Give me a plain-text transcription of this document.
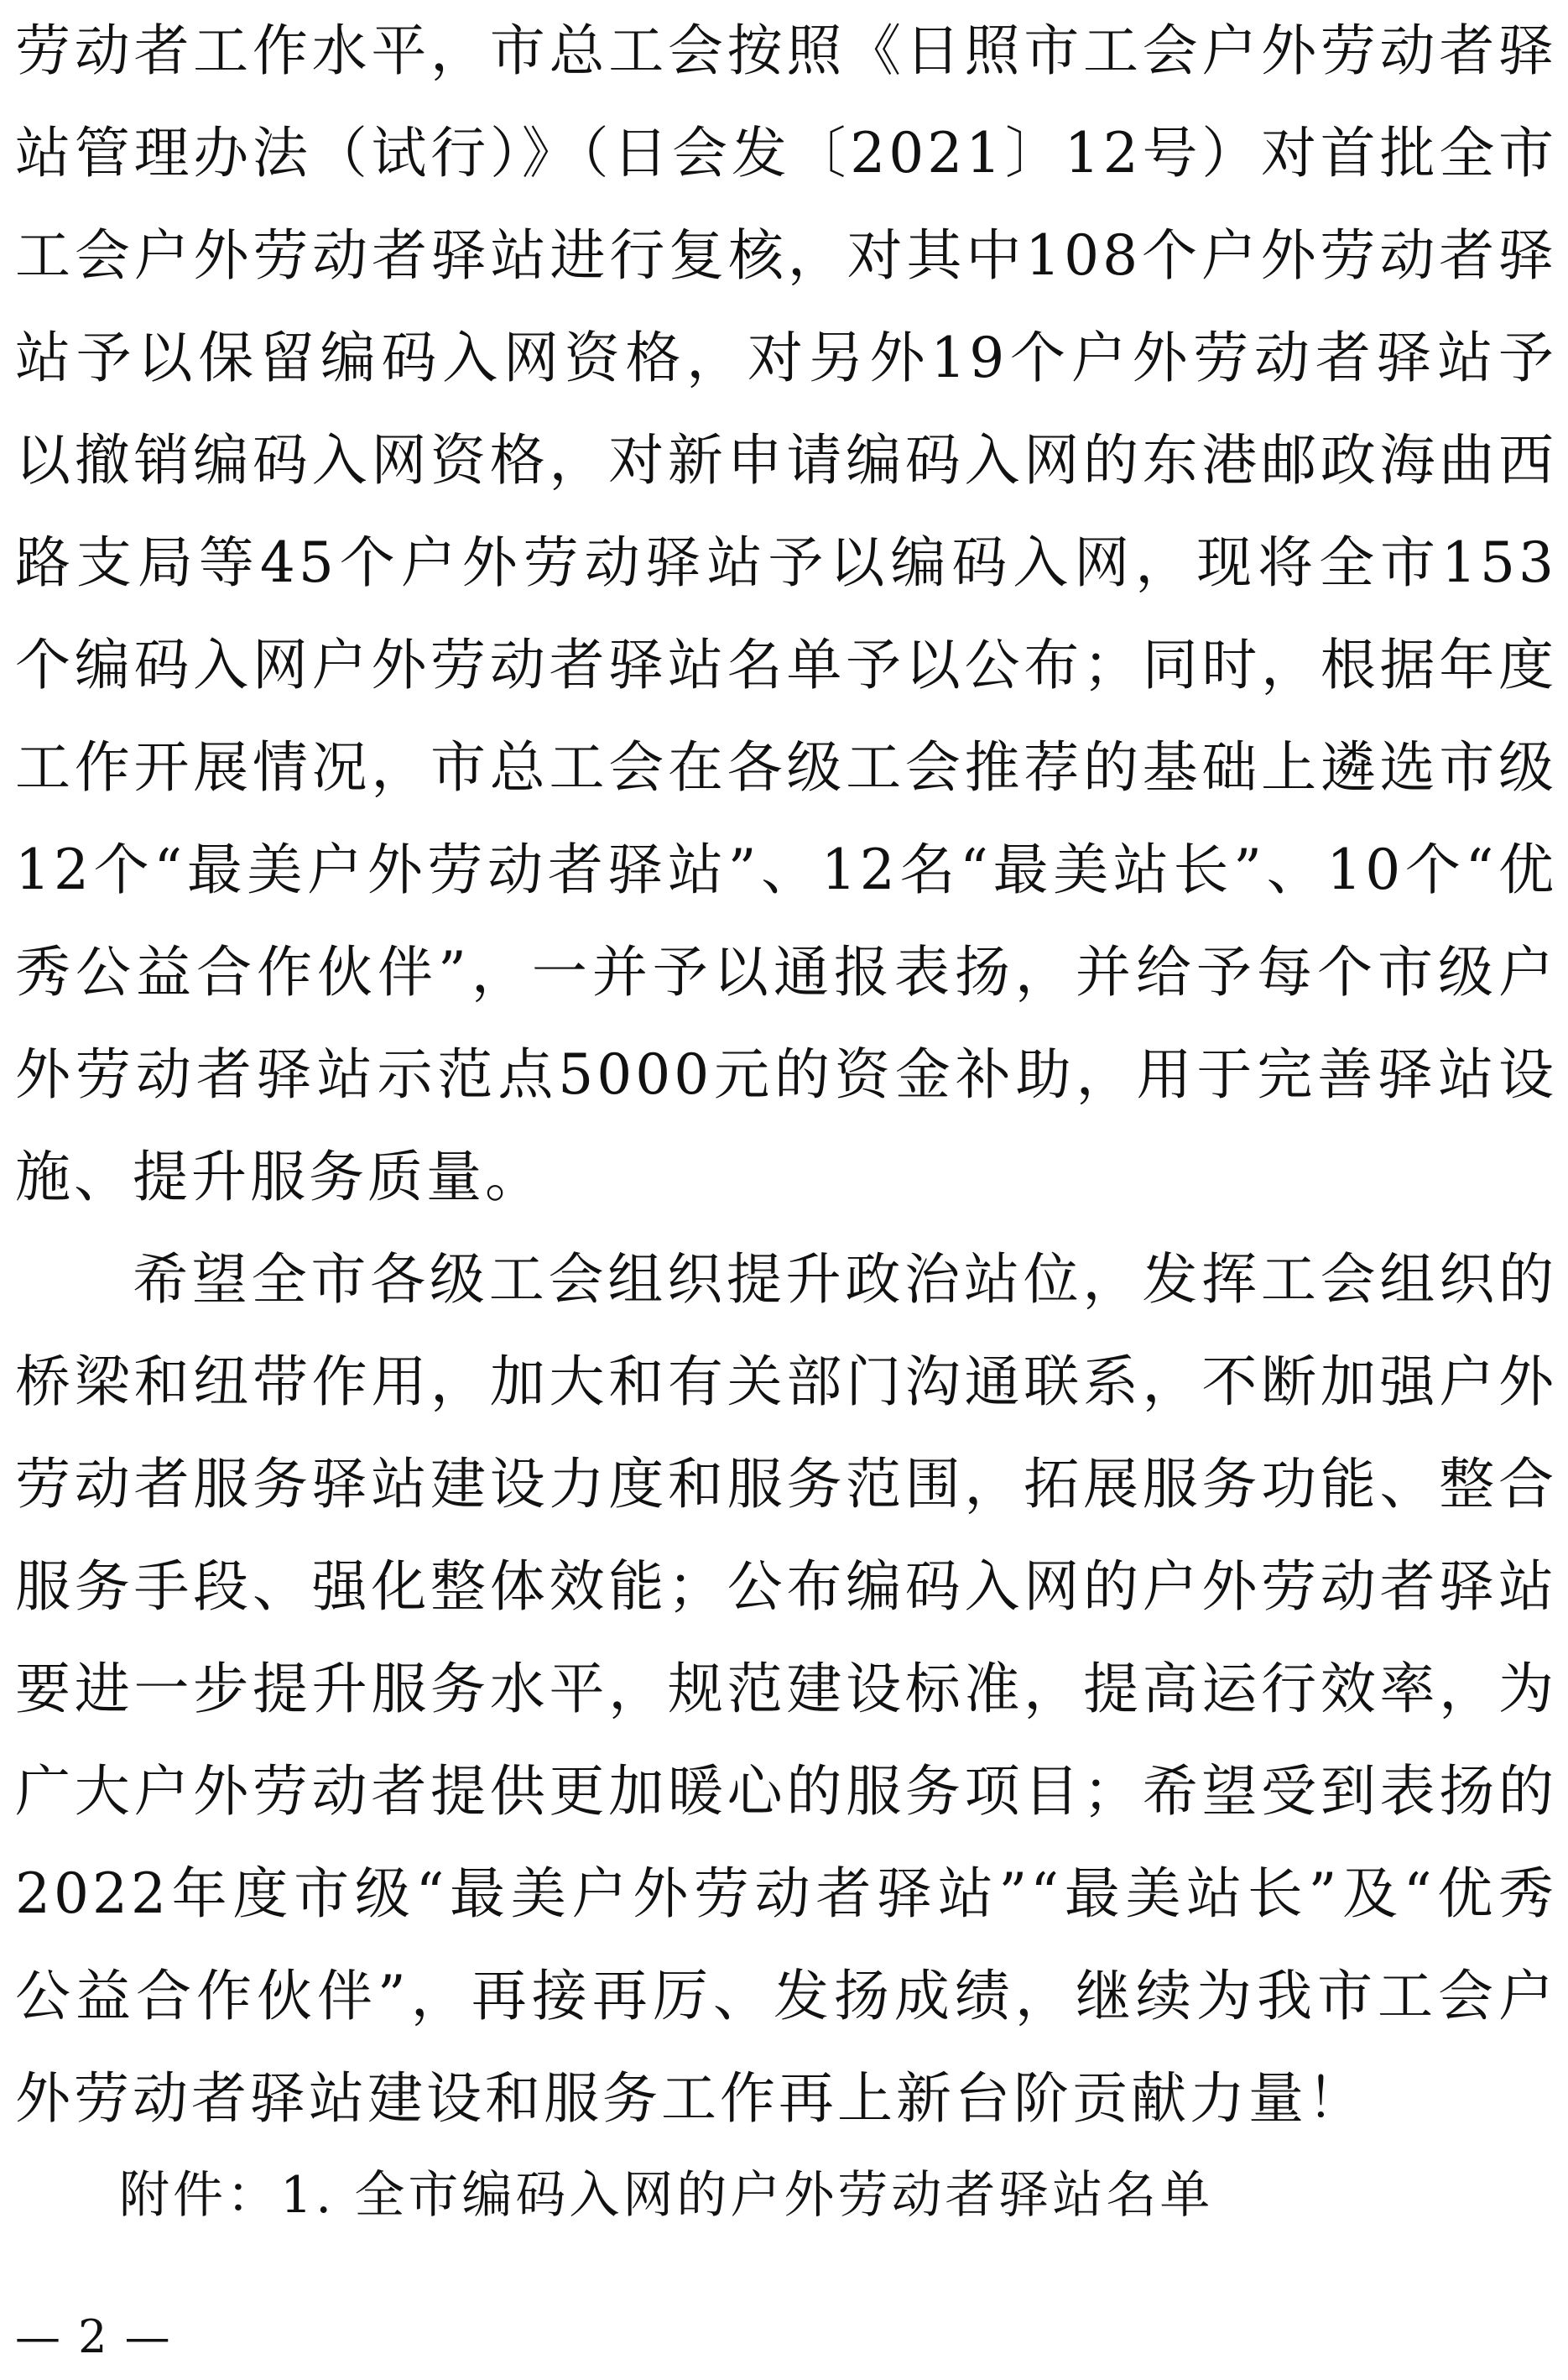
劳动者工作水平，市总工会按照《日照市工会户外劳动者驿站管理办法（试行）》（日会发〔2021〕12号）对首批全市工会户外劳动者驿站进行复核，对其中108个户外劳动者驿站予以保留编码入网资格，对另外19个户外劳动者驿站予以撤销编码入网资格，对新申请编码入网的东港邮政海曲西路支局等45个户外劳动驿站予以编码入网，现将全市153个编码入网户外劳动者驿站名单予以公布；同时，根据年度工作开展情况，市总工会在各级工会推荐的基础上遴选市级12个“最美户外劳动者驿站”、12名“最美站长”、10个“优秀公益合作伙伴”，一并予以通报表扬，并给予每个市级户外劳动者驿站示范点5000元的资金补助，用于完善驿站设施、提升服务质量。

希望全市各级工会组织提升政治站位，发挥工会组织的桥梁和纽带作用，加大和有关部门沟通联系，不断加强户外劳动者服务驿站建设力度和服务范围，拓展服务功能、整合服务手段、强化整体效能；公布编码入网的户外劳动者驿站要进一步提升服务水平，规范建设标准，提高运行效率，为广大户外劳动者提供更加暖心的服务项目；希望受到表扬的2022年度市级“最美户外劳动者驿站”“最美站长”及“优秀公益合作伙伴”，再接再厉、发扬成绩，继续为我市工会户外劳动者驿站建设和服务工作再上新台阶贡献力量！

附件：1. 全市编码入网的户外劳动者驿站名单

— 2 —
